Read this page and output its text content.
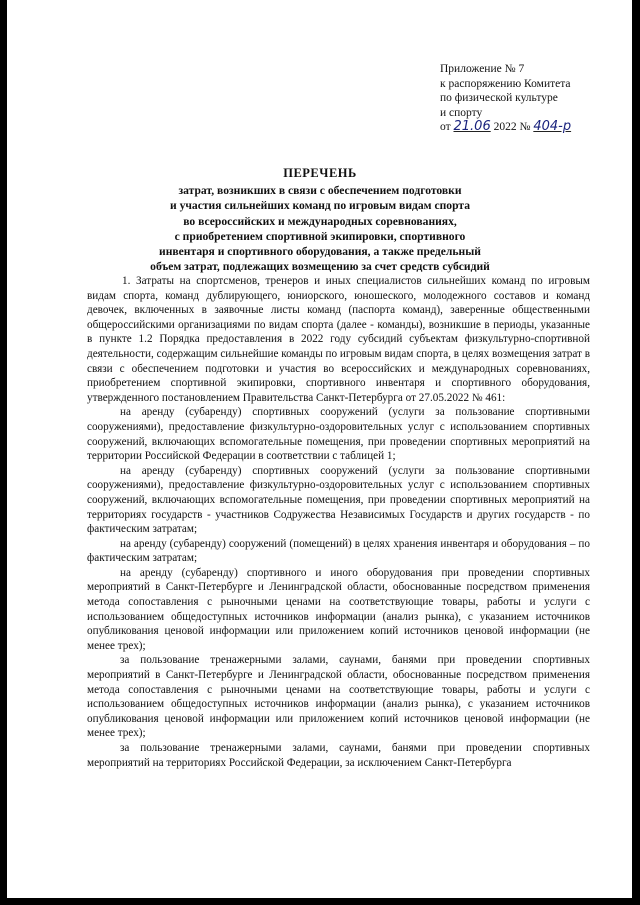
Приложение № 7
к распоряжению Комитета
по физической культуре
и спорту
от 21.06 2022 № 404-р
ПЕРЕЧЕНЬ
затрат, возникших в связи с обеспечением подготовки
и участия сильнейших команд по игровым видам спорта
во всероссийских и международных соревнованиях,
с приобретением спортивной экипировки, спортивного
инвентаря и спортивного оборудования, а также предельный
объем затрат, подлежащих возмещению за счет средств субсидий

1. Затраты на спортсменов, тренеров и иных специалистов сильнейших команд по игровым видам спорта, команд дублирующего, юниорского, юношеского, молодежного составов и команд девочек, включенных в заявочные листы команд (паспорта команд), заверенные общественными общероссийскими организациями по видам спорта (далее - команды), возникшие в периоды, указанные в пункте 1.2 Порядка предоставления в 2022 году субсидий субъектам физкультурно-спортивной деятельности, содержащим сильнейшие команды по игровым видам спорта, в целях возмещения затрат в связи с обеспечением подготовки и участия во всероссийских и международных соревнованиях, приобретением спортивной экипировки, спортивного инвентаря и спортивного оборудования, утвержденного постановлением Правительства Санкт-Петербурга от 27.05.2022 № 461:

на аренду (субаренду) спортивных сооружений (услуги за пользование спортивными сооружениями), предоставление физкультурно-оздоровительных услуг с использованием спортивных сооружений, включающих вспомогательные помещения, при проведении спортивных мероприятий на территории Российской Федерации в соответствии с таблицей 1;

на аренду (субаренду) спортивных сооружений (услуги за пользование спортивными сооружениями), предоставление физкультурно-оздоровительных услуг с использованием спортивных сооружений, включающих вспомогательные помещения, при проведении спортивных мероприятий на территориях государств - участников Содружества Независимых Государств и других государств - по фактическим затратам;

на аренду (субаренду) сооружений (помещений) в целях хранения инвентаря и оборудования – по фактическим затратам;

на аренду (субаренду) спортивного и иного оборудования при проведении спортивных мероприятий в Санкт-Петербурге и Ленинградской области, обоснованные посредством применения метода сопоставления с рыночными ценами на соответствующие товары, работы и услуги с использованием общедоступных источников информации (анализ рынка), с указанием источников опубликования ценовой информации или приложением копий источников ценовой информации (не менее трех);

за пользование тренажерными залами, саунами, банями при проведении спортивных мероприятий в Санкт-Петербурге и Ленинградской области, обоснованные посредством применения метода сопоставления с рыночными ценами на соответствующие товары, работы и услуги с использованием общедоступных источников информации (анализ рынка), с указанием источников опубликования ценовой информации или приложением копий источников ценовой информации (не менее трех);

за пользование тренажерными залами, саунами, банями при проведении спортивных мероприятий на территориях Российской Федерации, за исключением Санкт-Петербурга
